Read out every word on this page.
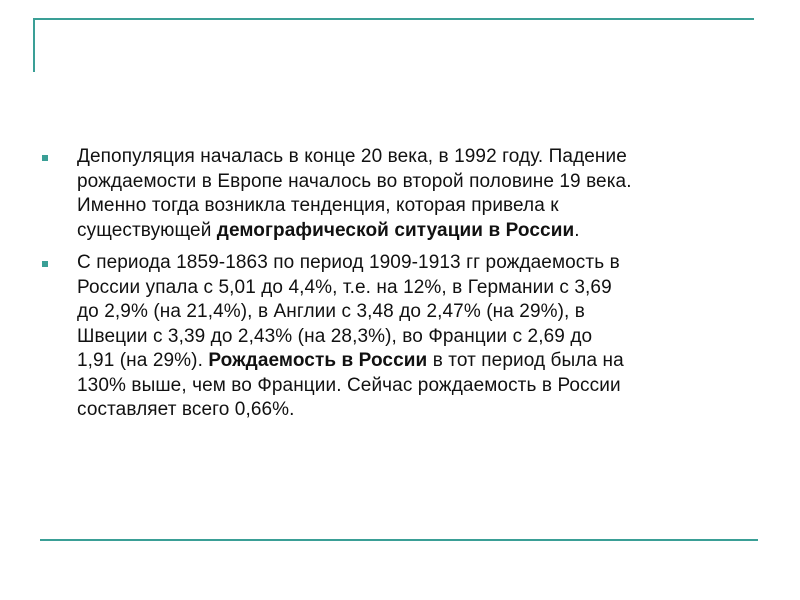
Депопуляция началась в конце 20 века, в 1992 году. Падение
рождаемости в Европе началось во второй половине 19 века.
Именно тогда возникла тенденция, которая привела к
существующей демографической ситуации в России.
С периода 1859-1863 по период 1909-1913 гг рождаемость в
России упала с 5,01 до 4,4%, т.е. на 12%, в Германии с 3,69
до 2,9% (на 21,4%), в Англии с 3,48 до 2,47% (на 29%), в
Швеции с 3,39 до 2,43% (на 28,3%), во Франции с 2,69 до
1,91 (на 29%). Рождаемость в России в тот период была на
130% выше, чем во Франции. Сейчас рождаемость в России
составляет всего 0,66%.
